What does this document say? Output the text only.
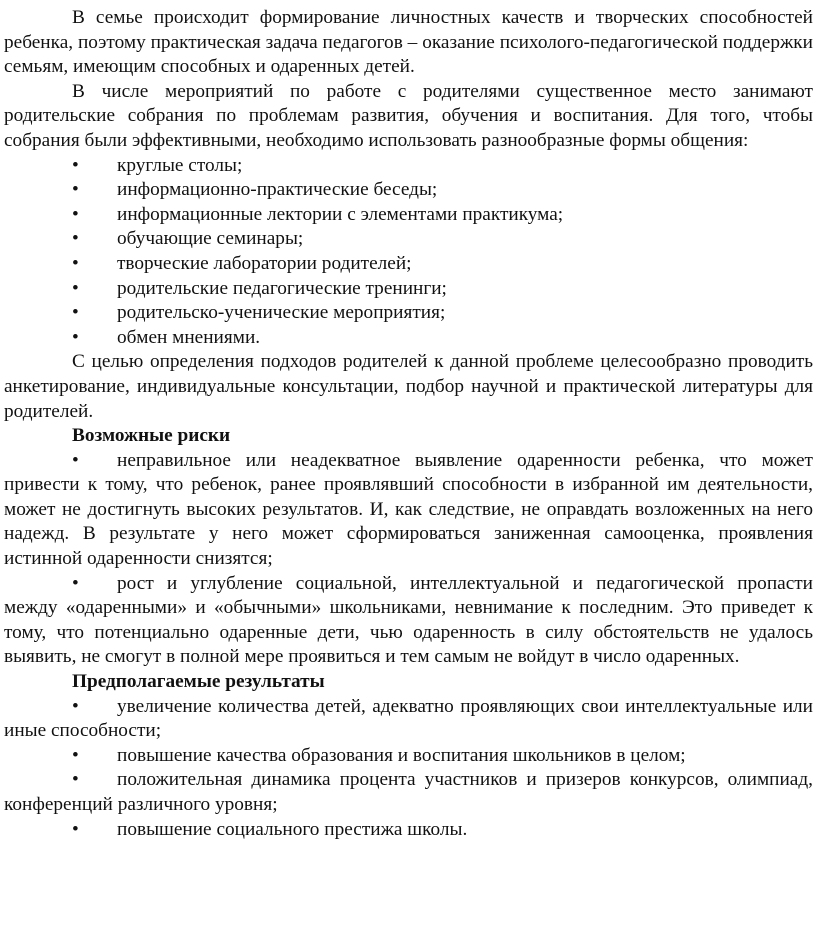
В семье происходит формирование личностных качеств и творческих способностей ребенка, поэтому практическая задача педагогов – оказание психолого-педагогической поддержки семьям, имеющим способных и одаренных детей.

В числе мероприятий по работе с родителями существенное место занимают родительские собрания по проблемам развития, обучения и воспитания. Для того, чтобы собрания были эффективными, необходимо использовать разнообразные формы общения:

• круглые столы;
• информационно-практические беседы;
• информационные лектории с элементами практикума;
• обучающие семинары;
• творческие лаборатории родителей;
• родительские педагогические тренинги;
• родительско-ученические мероприятия;
• обмен мнениями.

С целью определения подходов родителей к данной проблеме целесообразно проводить анкетирование, индивидуальные консультации, подбор научной и практической литературы для родителей.

Возможные риски

• неправильное или неадекватное выявление одаренности ребенка, что может привести к тому, что ребенок, ранее проявлявший способности в избранной им деятельности, может не достигнуть высоких результатов. И, как следствие, не оправдать возложенных на него надежд. В результате у него может сформироваться заниженная самооценка, проявления истинной одаренности снизятся;

• рост и углубление социальной, интеллектуальной и педагогической пропасти между «одаренными» и «обычными» школьниками, невнимание к последним. Это приведет к тому, что потенциально одаренные дети, чью одаренность в силу обстоятельств не удалось выявить, не смогут в полной мере проявиться и тем самым не войдут в число одаренных.

Предполагаемые результаты

• увеличение количества детей, адекватно проявляющих свои интеллектуальные или иные способности;

• повышение качества образования и воспитания школьников в целом;

• положительная динамика процента участников и призеров конкурсов, олимпиад, конференций различного уровня;

• повышение социального престижа школы.
